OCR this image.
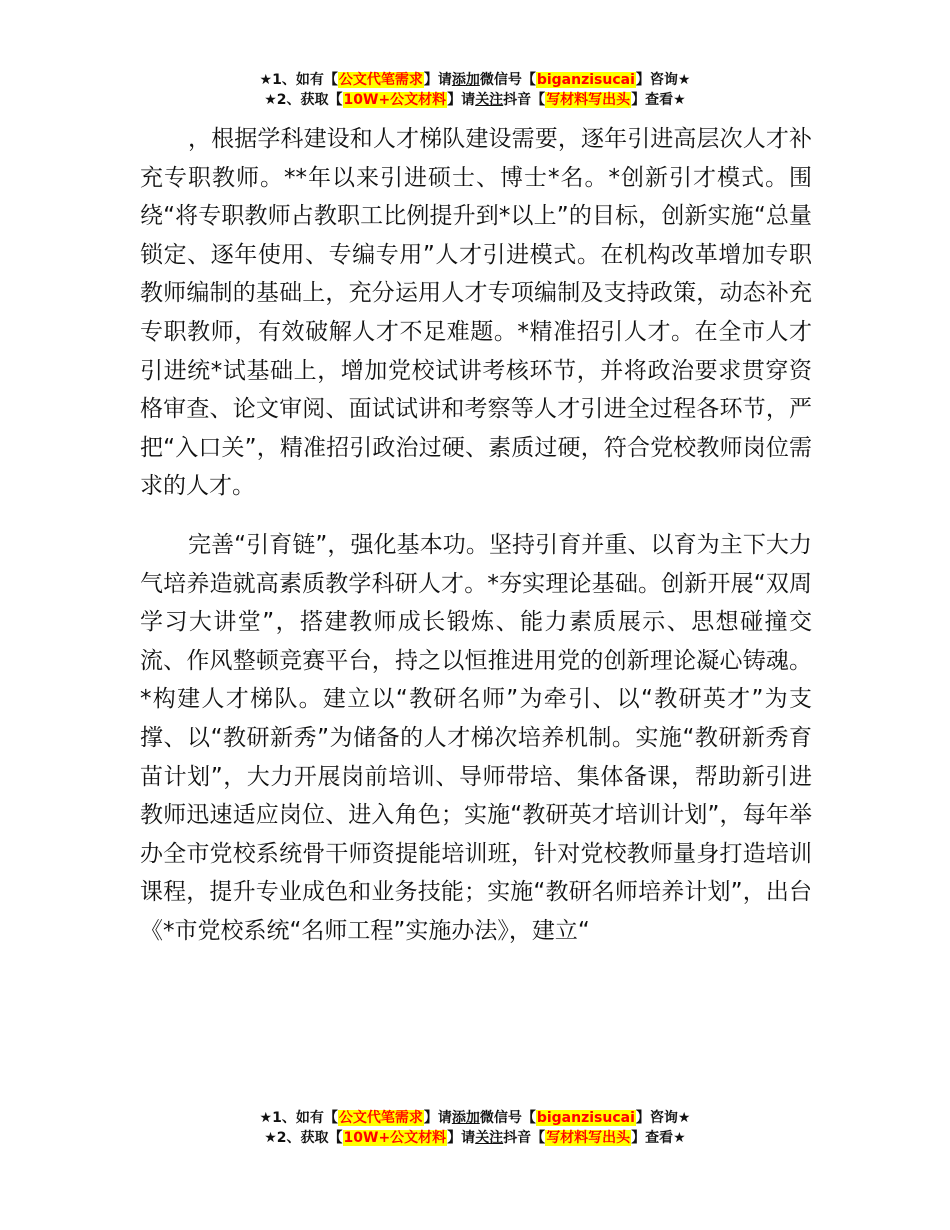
★1、如有【公文代笔需求】请添加微信号【biganzisucai】咨询★
★2、获取【10W+公文材料】请关注抖音【写材料写出头】查看★

，根据学科建设和人才梯队建设需要，逐年引进高层次人才补充专职教师。**年以来引进硕士、博士*名。*创新引才模式。围绕“将专职教师占教职工比例提升到*以上”的目标，创新实施“总量锁定、逐年使用、专编专用”人才引进模式。在机构改革增加专职教师编制的基础上，充分运用人才专项编制及支持政策，动态补充专职教师，有效破解人才不足难题。*精准招引人才。在全市人才引进统*试基础上，增加党校试讲考核环节，并将政治要求贯穿资格审查、论文审阅、面试试讲和考察等人才引进全过程各环节，严把“入口关”，精准招引政治过硬、素质过硬，符合党校教师岗位需求的人才。

完善“引育链”，强化基本功。坚持引育并重、以育为主下大力气培养造就高素质教学科研人才。*夯实理论基础。创新开展“双周学习大讲堂”，搭建教师成长锻炼、能力素质展示、思想碰撞交流、作风整顿竞赛平台，持之以恒推进用党的创新理论凝心铸魂。*构建人才梯队。建立以“教研名师”为牵引、以“教研英才”为支撑、以“教研新秀”为储备的人才梯次培养机制。实施“教研新秀育苗计划”，大力开展岗前培训、导师带培、集体备课，帮助新引进教师迅速适应岗位、进入角色；实施“教研英才培训计划”，每年举办全市党校系统骨干师资提能培训班，针对党校教师量身打造培训课程，提升专业成色和业务技能；实施“教研名师培养计划”，出台《*市党校系统“名师工程”实施办法》，建立“

★1、如有【公文代笔需求】请添加微信号【biganzisucai】咨询★
★2、获取【10W+公文材料】请关注抖音【写材料写出头】查看★
